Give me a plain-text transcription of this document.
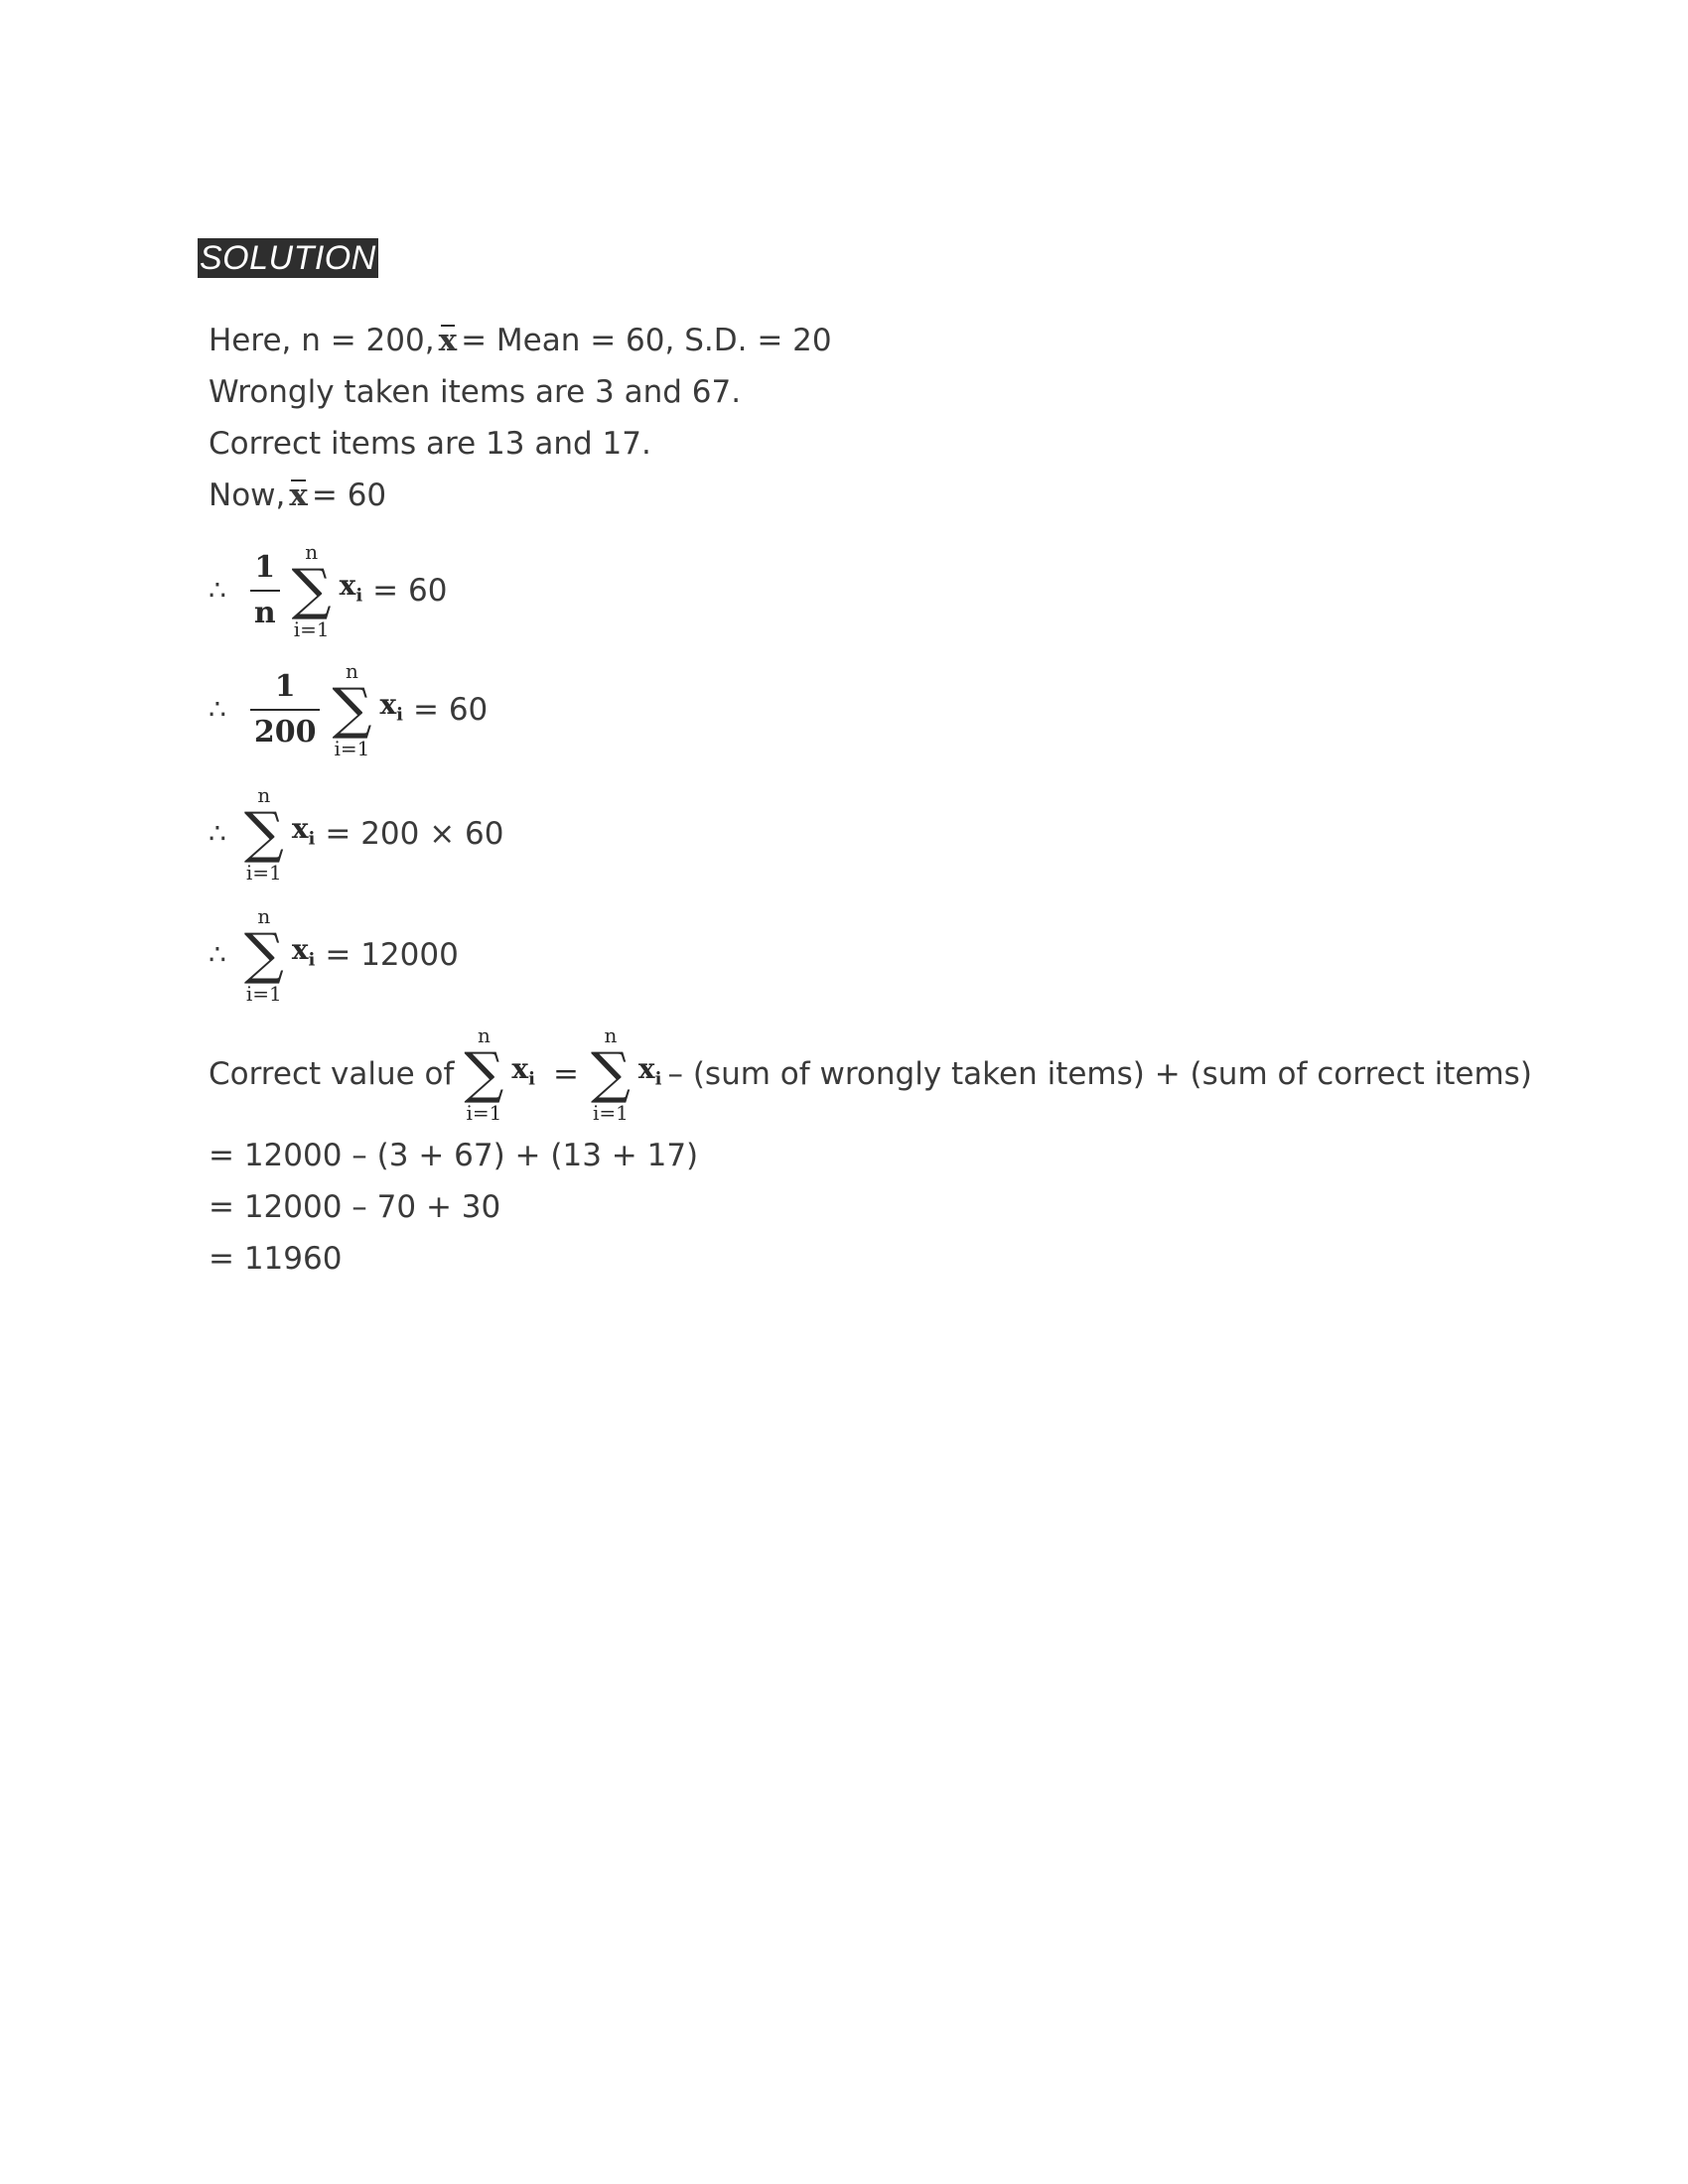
SOLUTION
Here, n = 200, x = Mean = 60, S.D. = 20
Wrongly taken items are 3 and 67.
Correct items are 13 and 17.
Now, x = 60
∴ $\frac{1}{n}$ n
∑
i=1
$x_i = 60$
∴ $\frac{1}{200}$ n
∑
i=1
$x_i = 60$
∴
n
∑
i=1
$x_i = 200 \times 60$
∴
n
∑
i=1
$x_i = 12000$
Correct value of
n
∑
i=1
$x_i$ =
n
∑
i=1
$x_i - (sum$ of wrongly taken items) + (sum of correct items)
= 12000 – (3 + 67) + (13 + 17)
= 12000 – 70 + 30
= 11960
